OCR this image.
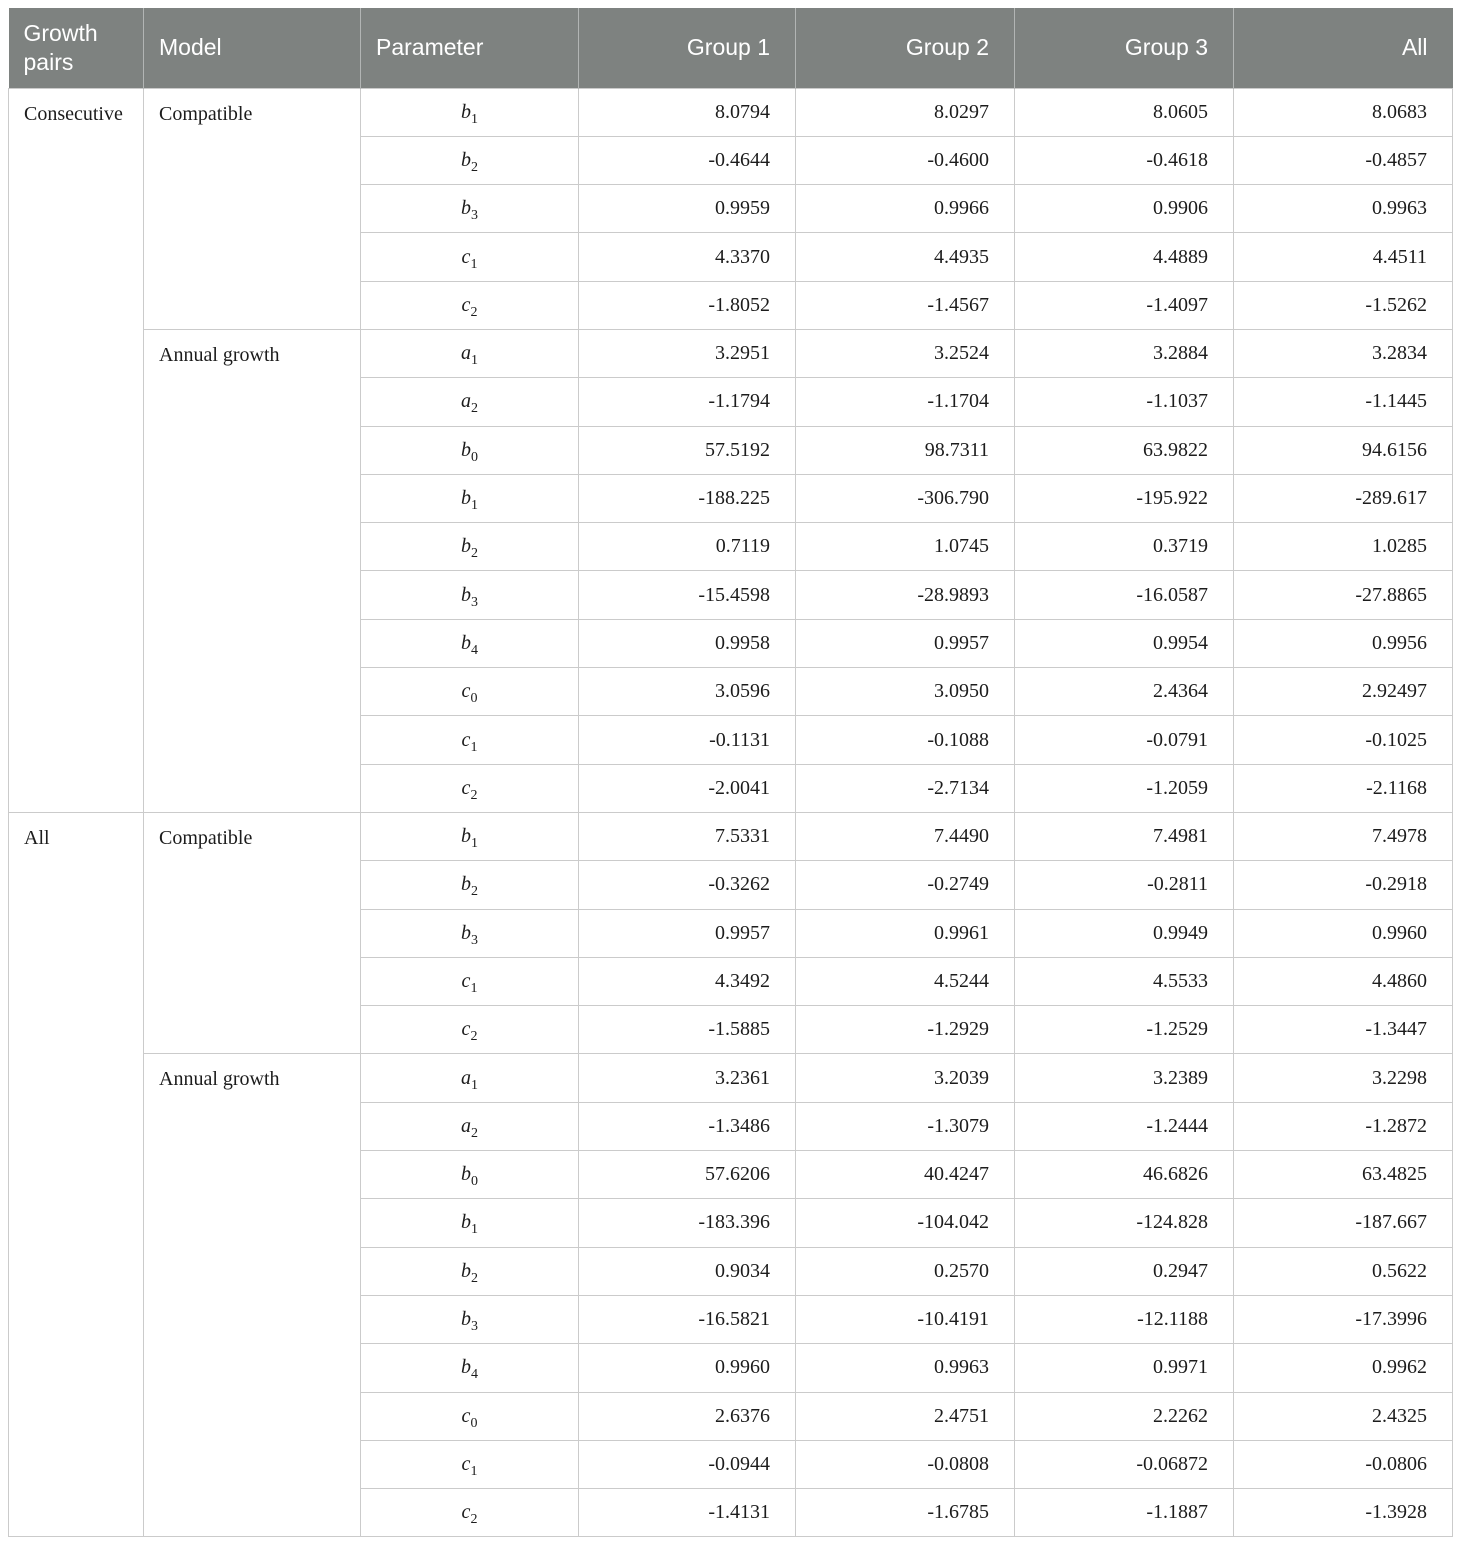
Growth pairs	Model	Parameter	Group 1	Group 2	Group 3	All
Consecutive	Compatible	$b_1$	8.0794	8.0297	8.0605	8.0683
		$b_2$	-0.4644	-0.4600	-0.4618	-0.4857
		$b_3$	0.9959	0.9966	0.9906	0.9963
		$c_1$	4.3370	4.4935	4.4889	4.4511
		$c_2$	-1.8052	-1.4567	-1.4097	-1.5262
	Annual growth	$a_1$	3.2951	3.2524	3.2884	3.2834
		$a_2$	-1.1794	-1.1704	-1.1037	-1.1445
		$b_0$	57.5192	98.7311	63.9822	94.6156
		$b_1$	-188.225	-306.790	-195.922	-289.617
		$b_2$	0.7119	1.0745	0.3719	1.0285
		$b_3$	-15.4598	-28.9893	-16.0587	-27.8865
		$b_4$	0.9958	0.9957	0.9954	0.9956
		$c_0$	3.0596	3.0950	2.4364	2.92497
		$c_1$	-0.1131	-0.1088	-0.0791	-0.1025
		$c_2$	-2.0041	-2.7134	-1.2059	-2.1168
All	Compatible	$b_1$	7.5331	7.4490	7.4981	7.4978
		$b_2$	-0.3262	-0.2749	-0.2811	-0.2918
		$b_3$	0.9957	0.9961	0.9949	0.9960
		$c_1$	4.3492	4.5244	4.5533	4.4860
		$c_2$	-1.5885	-1.2929	-1.2529	-1.3447
	Annual growth	$a_1$	3.2361	3.2039	3.2389	3.2298
		$a_2$	-1.3486	-1.3079	-1.2444	-1.2872
		$b_0$	57.6206	40.4247	46.6826	63.4825
		$b_1$	-183.396	-104.042	-124.828	-187.667
		$b_2$	0.9034	0.2570	0.2947	0.5622
		$b_3$	-16.5821	-10.4191	-12.1188	-17.3996
		$b_4$	0.9960	0.9963	0.9971	0.9962
		$c_0$	2.6376	2.4751	2.2262	2.4325
		$c_1$	-0.0944	-0.0808	-0.06872	-0.0806
		$c_2$	-1.4131	-1.6785	-1.1887	-1.3928
